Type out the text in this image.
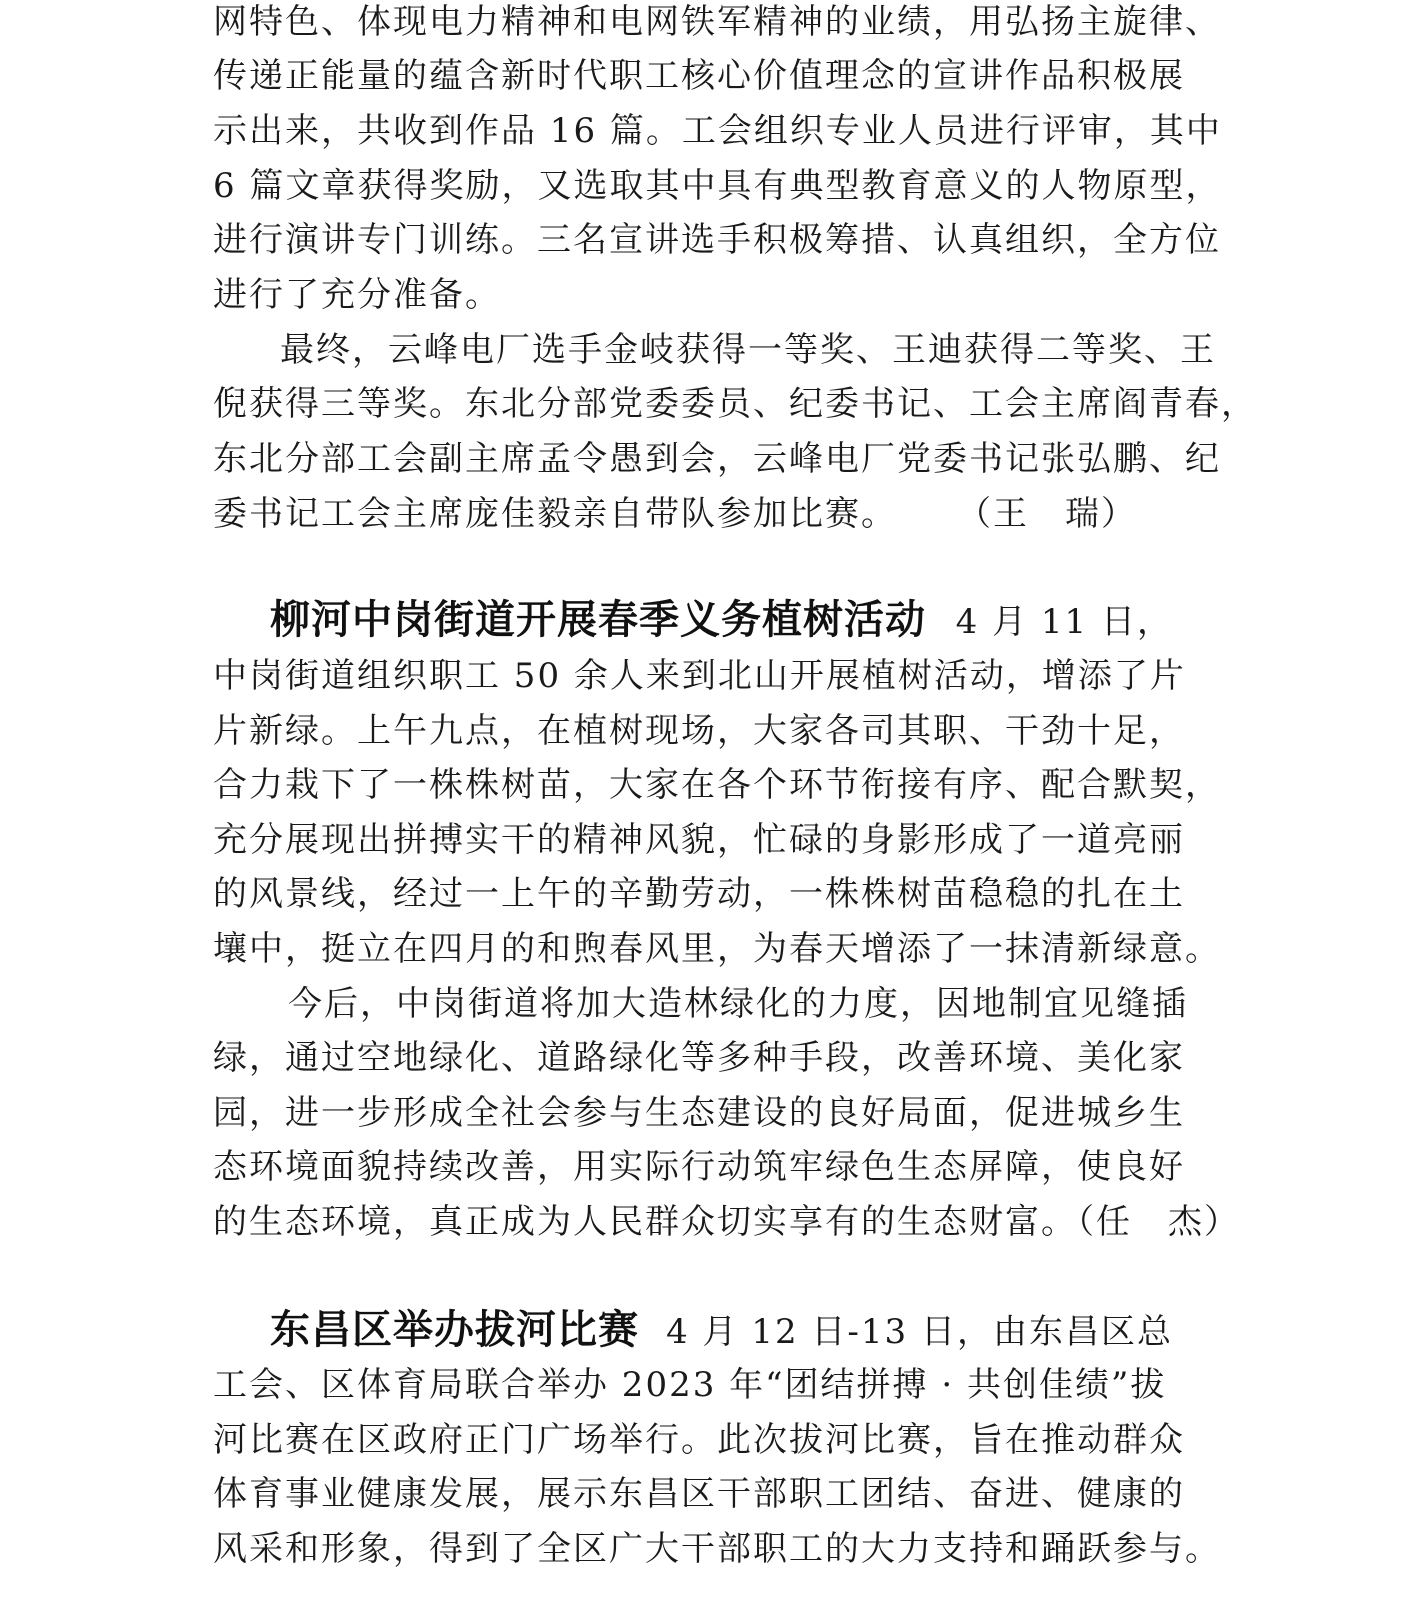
网特色、体现电力精神和电网铁军精神的业绩，用弘扬主旋律、
传递正能量的蕴含新时代职工核心价值理念的宣讲作品积极展
示出来，共收到作品 16 篇。工会组织专业人员进行评审，其中
6 篇文章获得奖励，又选取其中具有典型教育意义的人物原型，
进行演讲专门训练。三名宣讲选手积极筹措、认真组织，全方位
进行了充分准备。
最终，云峰电厂选手金岐获得一等奖、王迪获得二等奖、王
倪获得三等奖。东北分部党委委员、纪委书记、工会主席阎青春，
东北分部工会副主席孟令愚到会，云峰电厂党委书记张弘鹏、纪
委书记工会主席庞佳毅亲自带队参加比赛。 （王　瑞）
柳河中岗街道开展春季义务植树活动 4 月 11 日，
中岗街道组织职工 50 余人来到北山开展植树活动，增添了片
片新绿。上午九点，在植树现场，大家各司其职、干劲十足，
合力栽下了一株株树苗，大家在各个环节衔接有序、配合默契，
充分展现出拼搏实干的精神风貌，忙碌的身影形成了一道亮丽
的风景线，经过一上午的辛勤劳动，一株株树苗稳稳的扎在土
壤中，挺立在四月的和煦春风里，为春天增添了一抹清新绿意。
今后，中岗街道将加大造林绿化的力度，因地制宜见缝插
绿，通过空地绿化、道路绿化等多种手段，改善环境、美化家
园，进一步形成全社会参与生态建设的良好局面，促进城乡生
态环境面貌持续改善，用实际行动筑牢绿色生态屏障，使良好
的生态环境，真正成为人民群众切实享有的生态财富。（任　杰）
东昌区举办拔河比赛 4 月 12 日-13 日，由东昌区总
工会、区体育局联合举办 2023 年“团结拼搏 · 共创佳绩”拔
河比赛在区政府正门广场举行。此次拔河比赛，旨在推动群众
体育事业健康发展，展示东昌区干部职工团结、奋进、健康的
风采和形象，得到了全区广大干部职工的大力支持和踊跃参与。
